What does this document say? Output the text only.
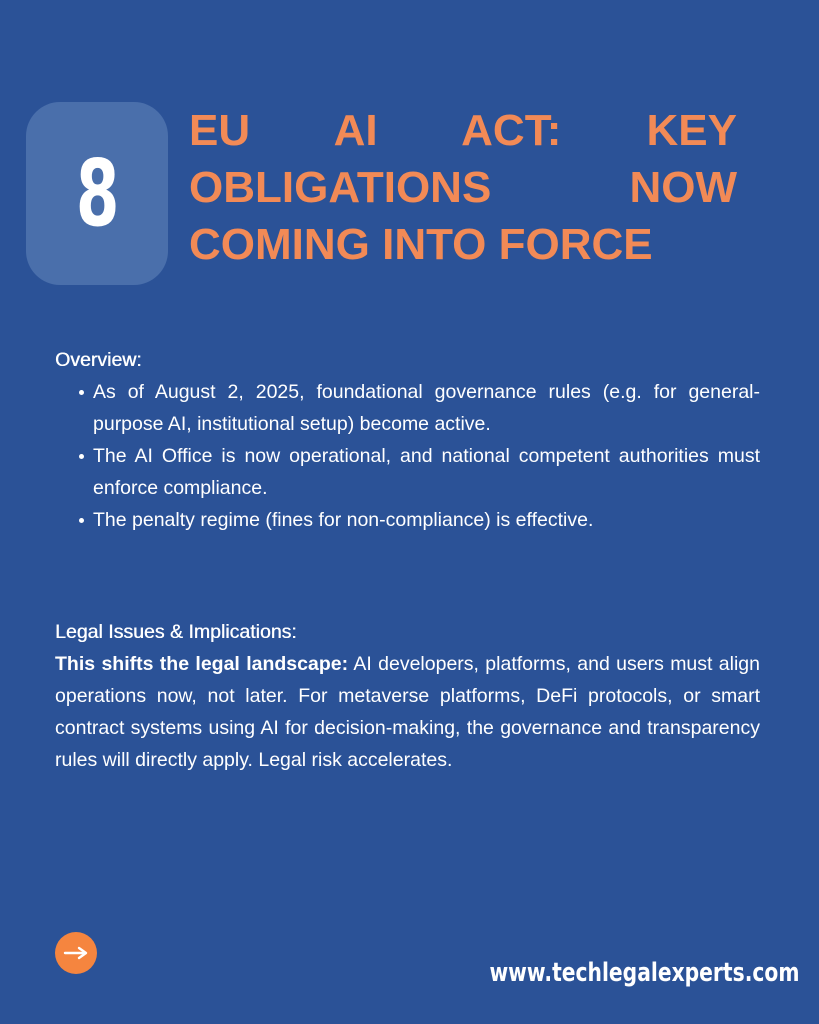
8
EU AI ACT: KEY OBLIGATIONS NOW COMING INTO FORCE
Overview:
As of August 2, 2025, foundational governance rules (e.g. for general-purpose AI, institutional setup) become active.
The AI Office is now operational, and national competent authorities must enforce compliance.
The penalty regime (fines for non-compliance) is effective.
Legal Issues & Implications:

This shifts the legal landscape: AI developers, platforms, and users must align operations now, not later. For metaverse platforms, DeFi protocols, or smart contract systems using AI for decision-making, the governance and transparency rules will directly apply. Legal risk accelerates.

www.techlegalexperts.com
